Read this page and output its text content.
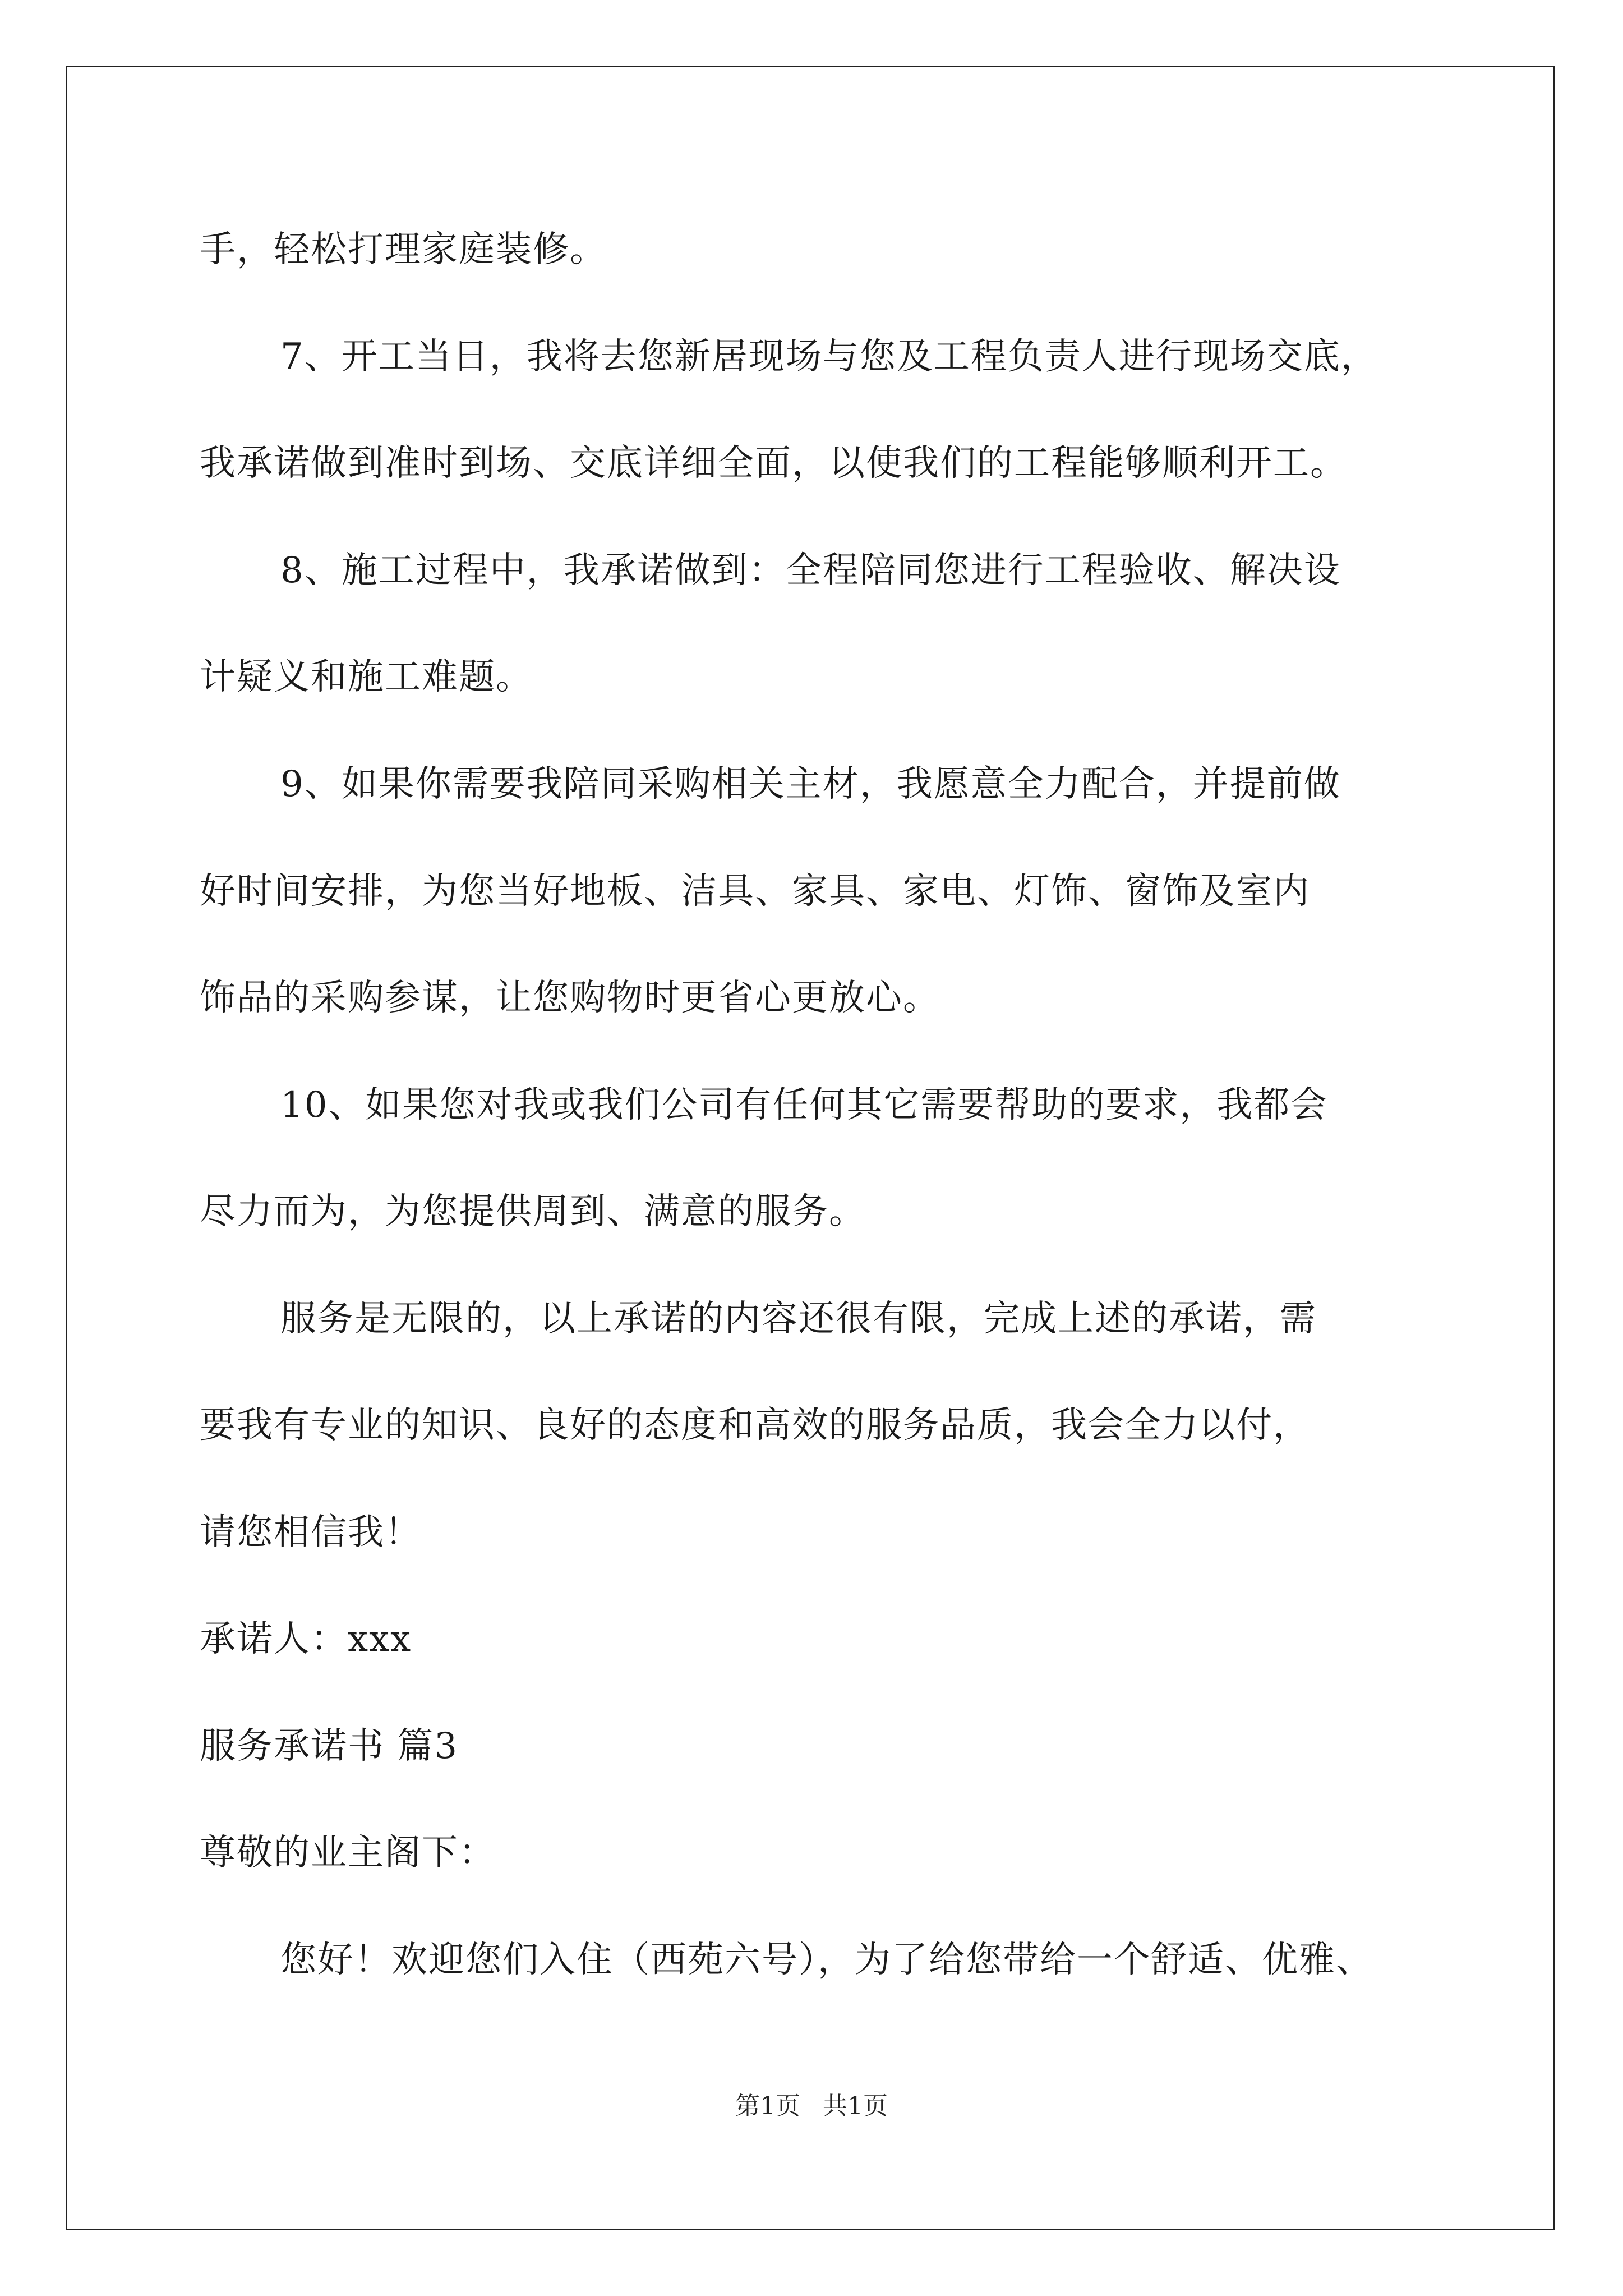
手，轻松打理家庭装修。
7、开工当日，我将去您新居现场与您及工程负责人进行现场交底，
我承诺做到准时到场、交底详细全面，以使我们的工程能够顺利开工。
8、施工过程中，我承诺做到：全程陪同您进行工程验收、解决设
计疑义和施工难题。
9、如果你需要我陪同采购相关主材，我愿意全力配合，并提前做
好时间安排，为您当好地板、洁具、家具、家电、灯饰、窗饰及室内
饰品的采购参谋，让您购物时更省心更放心。
10、如果您对我或我们公司有任何其它需要帮助的要求，我都会
尽力而为，为您提供周到、满意的服务。
服务是无限的，以上承诺的内容还很有限，完成上述的承诺，需
要我有专业的知识、良好的态度和高效的服务品质，我会全力以付，
请您相信我！
承诺人：xxx
服务承诺书 篇3
尊敬的业主阁下：
您好！欢迎您们入住（西苑六号），为了给您带给一个舒适、优雅、
第1页 共1页
